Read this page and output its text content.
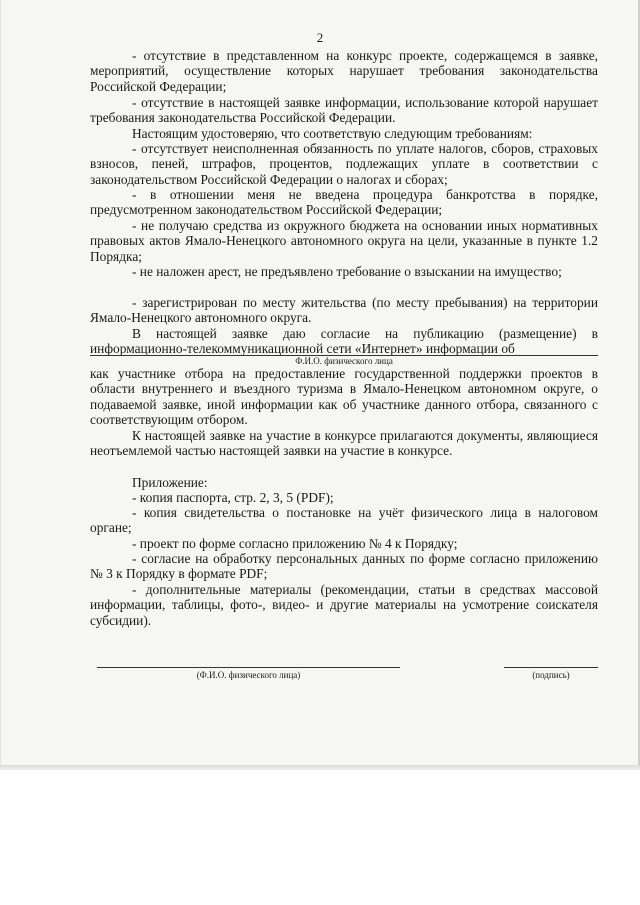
2

- отсутствие в представленном на конкурс проекте, содержащемся в заявке, мероприятий, осуществление которых нарушает требования законодательства Российской Федерации;

- отсутствие в настоящей заявке информации, использование которой нарушает требования законодательства Российской Федерации.

Настоящим удостоверяю, что соответствую следующим требованиям:

- отсутствует неисполненная обязанность по уплате налогов, сборов, страховых взносов, пеней, штрафов, процентов, подлежащих уплате в соответствии с законодательством Российской Федерации о налогах и сборах;

- в отношении меня не введена процедура банкротства в порядке, предусмотренном законодательством Российской Федерации;

- не получаю средства из окружного бюджета на основании иных нормативных правовых актов Ямало-Ненецкого автономного округа на цели, указанные в пункте 1.2 Порядка;

- не наложен арест, не предъявлено требование о взыскании на имущество;

- зарегистрирован по месту жительства (по месту пребывания) на территории Ямало-Ненецкого автономного округа.

В настоящей заявке даю согласие на публикацию (размещение) в информационно-телекоммуникационной сети «Интернет» информации об

Ф.И.О. физического лица

как участнике отбора на предоставление государственной поддержки проектов в области внутреннего и въездного туризма в Ямало-Ненецком автономном округе, о подаваемой заявке, иной информации как об участнике данного отбора, связанного с соответствующим отбором.

К настоящей заявке на участие в конкурсе прилагаются документы, являющиеся неотъемлемой частью настоящей заявки на участие в конкурсе.

Приложение:

- копия паспорта, стр. 2, 3, 5 (PDF);

- копия свидетельства о постановке на учёт физического лица в налоговом органе;

- проект по форме согласно приложению № 4 к Порядку;

- согласие на обработку персональных данных по форме согласно приложению № 3 к Порядку в формате PDF;

- дополнительные материалы (рекомендации, статьи в средствах массовой информации, таблицы, фото-, видео- и другие материалы на усмотрение соискателя субсидии).

(Ф.И.О. физического лица)	(подпись)
